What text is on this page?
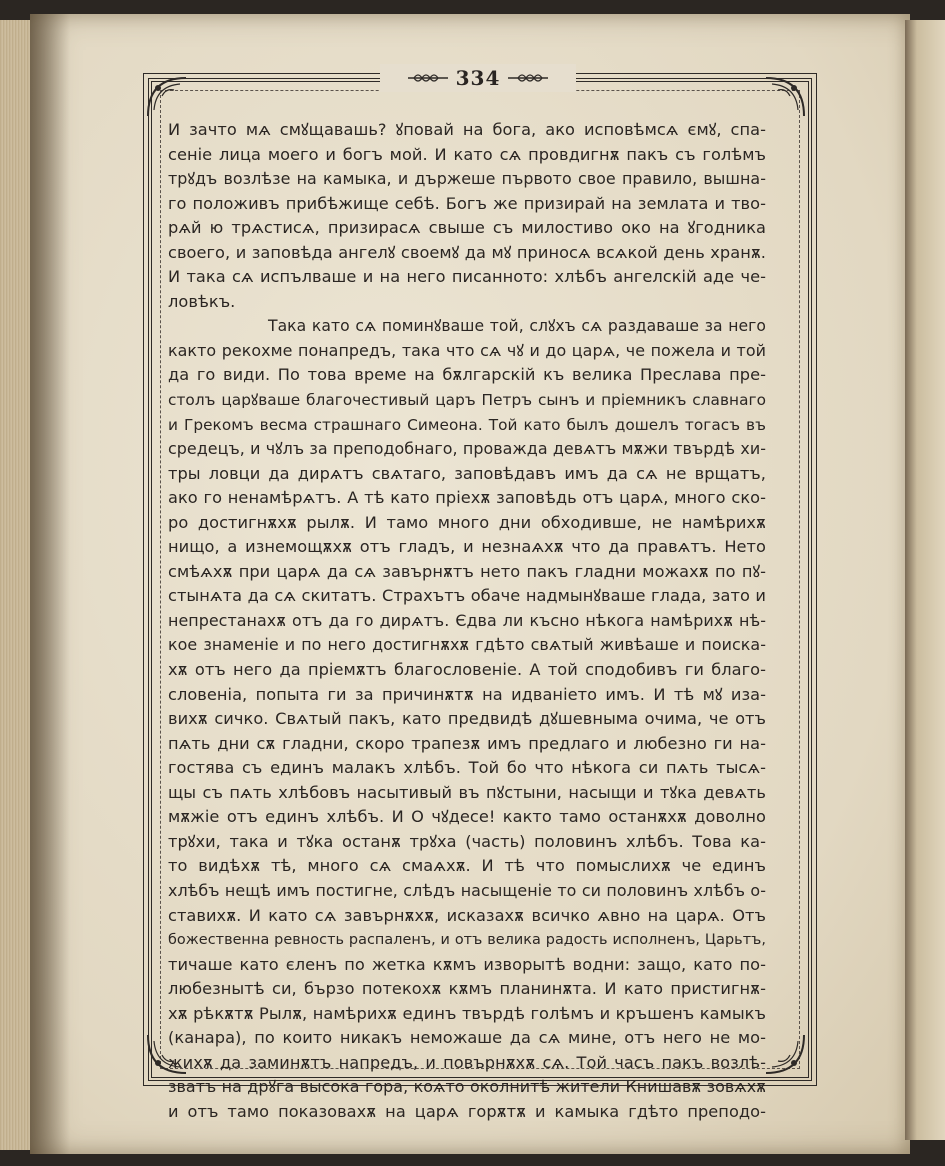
334
И зачто мѧ смꙋщавашь? ꙋповай на бога, ако исповѣмсѧ ємꙋ, спа-
сеніе лица моего и богъ мой. И като сѧ провдигнѫ пакъ съ голѣмъ
трꙋдъ возлѣзе на камыка, и държеше първото свое правило, вышна-
го положивъ прибѣжище себѣ. Богъ же призирай на землата и тво-
рѧй ю трѧстисѧ, призирасѧ свыше съ милостиво око на ꙋгодника
своего, и заповѣда ангелꙋ своемꙋ да мꙋ приносѧ всѧкой день хранѫ.
И така сѧ испълваше и на него писанното: хлѣбъ ангелскій аде че-
ловѣкъ.
Така като сѧ поминꙋваше той, слꙋхъ сѧ раздаваше за него
както рекохме понапредъ, така что сѧ чꙋ и до царѧ, че пожела и той
да го види. По това време на бѫлгарскій къ велика Преслава пре-
столъ царꙋваше благочестивый царъ Петръ сынъ и пріемникъ славнаго
и Грекомъ весма страшнаго Симеона. Той като былъ дошелъ тогасъ въ
средецъ, и чꙋлъ за преподобнаго, проважда девѧтъ мѫжи твърдѣ хи-
тры ловци да дирѧтъ свѧтаго, заповѣдавъ имъ да сѧ не врщатъ,
ако го ненамѣрѧтъ. А тѣ като пріехѫ заповѣдь отъ царѧ, много ско-
ро достигнѫхѫ рылѫ. И тамо много дни обходивше, не намѣрихѫ
нищо, а изнемощѫхѫ отъ гладъ, и незнаѧхѫ что да правѧтъ. Нето
смѣѧхѫ при царѧ да сѧ завърнѫтъ нето пакъ гладни можахѫ по пꙋ-
стынѧта да сѧ скитатъ. Страхътъ обаче надмынꙋваше глада, зато и
непрестанахѫ отъ да го дирѧтъ. Єдва ли късно нѣкога намѣрихѫ нѣ-
кое знаменіе и по него достигнѫхѫ гдѣто свѧтый живѣаше и поиска-
хѫ отъ него да пріемѫтъ благословеніе. А той сподобивъ ги благо-
словеніа, попыта ги за причинѫтѫ на идваніето имъ. И тѣ мꙋ иза-
вихѫ сичко. Свѧтый пакъ, като предвидѣ дꙋшевныма очима, че отъ
пѧть дни сѫ гладни, скоро трапезѫ имъ предлаго и любезно ги на-
гостява съ единъ малакъ хлѣбъ. Той бо что нѣкога си пѧть тысѧ-
щы съ пѧть хлѣбовъ насытивый въ пꙋстыни, насыщи и тꙋка девѧть
мѫжіе отъ единъ хлѣбъ. И О чꙋдесе! както тамо останѫхѫ доволно
трꙋхи, така и тꙋка останѫ трꙋха (часть) половинъ хлѣбъ. Това ка-
то видѣхѫ тѣ, много сѧ смаѧхѫ. И тѣ что помыслихѫ че единъ
хлѣбъ нещѣ имъ постигне, слѣдъ насыщеніе то си половинъ хлѣбъ о-
ставихѫ. И като сѧ завърнѫхѫ, исказахѫ всичко ѧвно на царѧ. Отъ
божественна ревность распаленъ, и отъ велика радость исполненъ, Царьтъ,
тичаше като єленъ по жетка кѫмъ изворытѣ водни: защо, като по-
любезнытѣ си, бързо потекохѫ кѫмъ планинѫта. И като пристигнѫ-
хѫ рѣкѫтѫ Рылѫ, намѣрихѫ единъ твърдѣ голѣмъ и кръшенъ камыкъ
(канара), по които никакъ неможаше да сѧ мине, отъ него не мо-
жихѫ да заминѫтъ напредъ, и повърнѫхѫ сѧ. Той часъ пакъ возлѣ-
зватъ на дрꙋга высока гора, коѧто околнитѣ жители Книшавѫ зовѧхѫ
и отъ тамо показовахѫ на царѧ горѫтѫ и камыка гдѣто преподо-
